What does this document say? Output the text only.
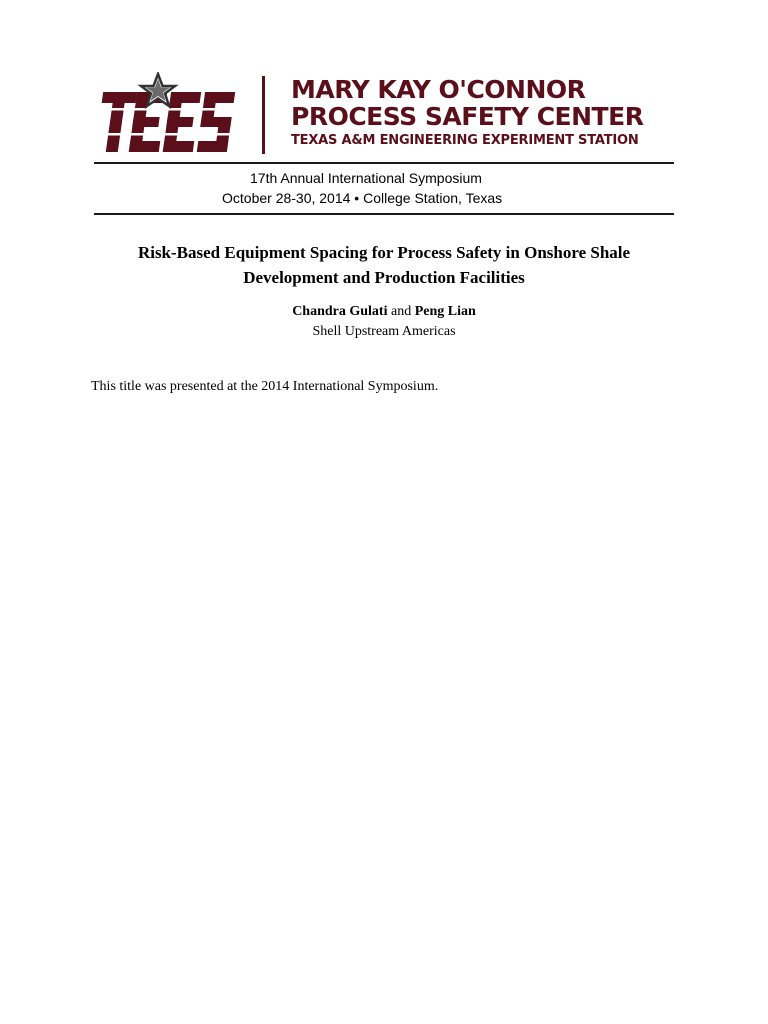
MARY KAY O'CONNOR
PROCESS SAFETY CENTER
TEXAS A&M ENGINEERING EXPERIMENT STATION
17th Annual International Symposium
October 28-30, 2014 • College Station, Texas
Risk-Based Equipment Spacing for Process Safety in Onshore Shale
Development and Production Facilities
Chandra Gulati and Peng Lian
Shell Upstream Americas
This title was presented at the 2014 International Symposium.
